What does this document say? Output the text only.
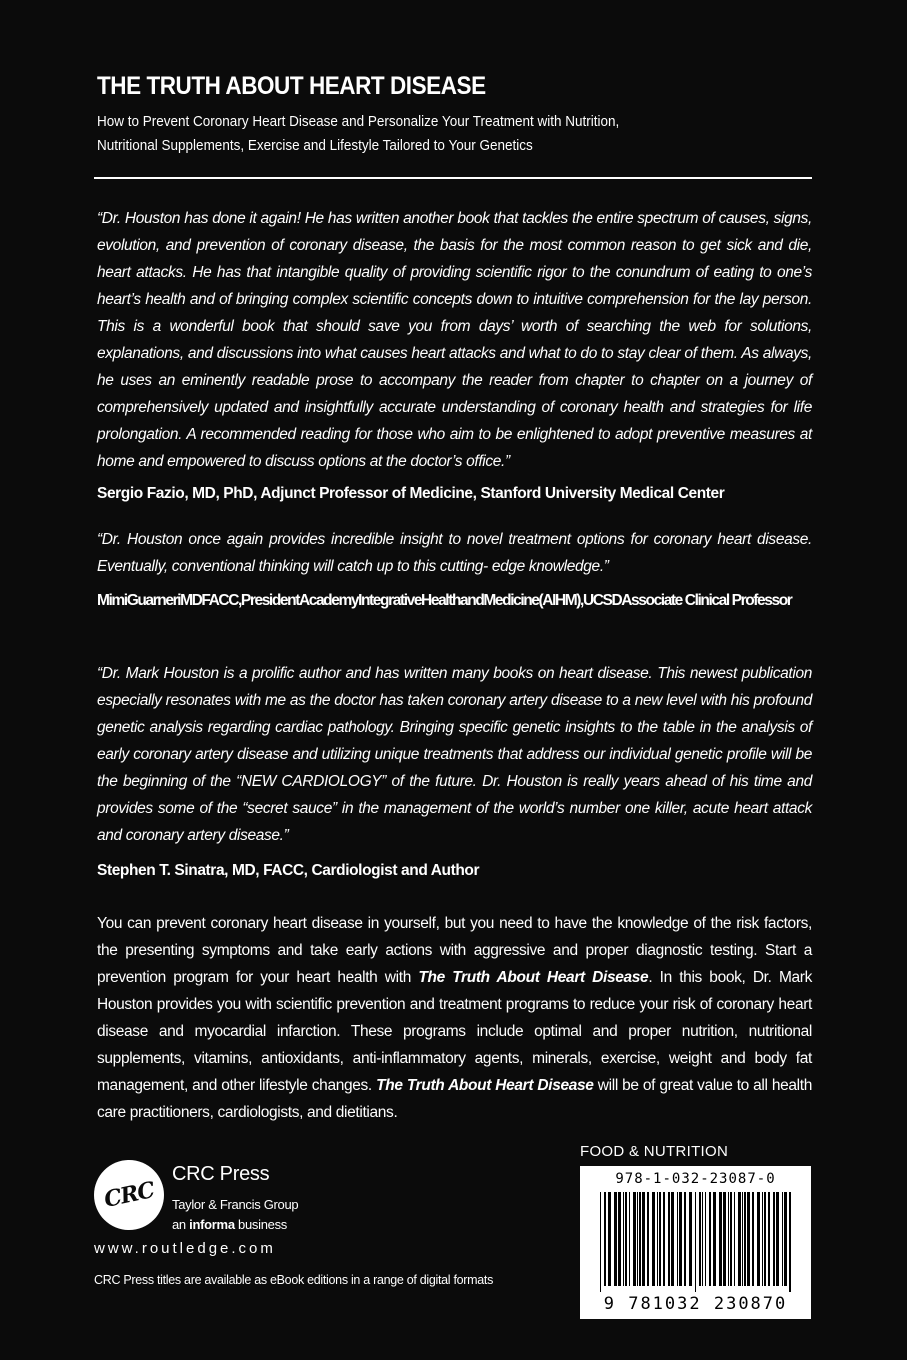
THE TRUTH ABOUT HEART DISEASE
How to Prevent Coronary Heart Disease and Personalize Your Treatment with Nutrition,
Nutritional Supplements, Exercise and Lifestyle Tailored to Your Genetics
“Dr. Houston has done it again! He has written another book that tackles the entire spectrum of causes, signs, evolution, and prevention of coronary disease, the basis for the most common reason to get sick and die, heart attacks. He has that intangible quality of providing scientific rigor to the conundrum of eating to one’s heart’s health and of bringing complex scientific concepts down to intuitive comprehension for the lay person. This is a wonderful book that should save you from days’ worth of searching the web for solutions, explanations, and discussions into what causes heart attacks and what to do to stay clear of them. As always, he uses an eminently readable prose to accompany the reader from chapter to chapter on a journey of comprehensively updated and insightfully accurate understanding of coronary health and strategies for life prolongation. A recommended reading for those who aim to be enlightened to adopt preventive measures at home and empowered to discuss options at the doctor’s office.”
Sergio Fazio, MD, PhD, Adjunct Professor of Medicine, Stanford University Medical Center
“Dr. Houston once again provides incredible insight to novel treatment options for coronary heart disease. Eventually, conventional thinking will catch up to this cutting- edge knowledge.”
MimiGuarneriMDFACC,PresidentAcademyIntegrativeHealthandMedicine(AIHM),UCSDAssociate Clinical Professor
“Dr. Mark Houston is a prolific author and has written many books on heart disease. This newest publication especially resonates with me as the doctor has taken coronary artery disease to a new level with his profound genetic analysis regarding cardiac pathology. Bringing specific genetic insights to the table in the analysis of early coronary artery disease and utilizing unique treatments that address our individual genetic profile will be the beginning of the “NEW CARDIOLOGY” of the future. Dr. Houston is really years ahead of his time and provides some of the “secret sauce” in the management of the world’s number one killer, acute heart attack and coronary artery disease.”
Stephen T. Sinatra, MD, FACC, Cardiologist and Author
You can prevent coronary heart disease in yourself, but you need to have the knowledge of the risk factors, the presenting symptoms and take early actions with aggressive and proper diagnostic testing. Start a prevention program for your heart health with The Truth About Heart Disease. In this book, Dr. Mark Houston provides you with scientific prevention and treatment programs to reduce your risk of coronary heart disease and myocardial infarction. These programs include optimal and proper nutrition, nutritional supplements, vitamins, antioxidants, anti-inflammatory agents, minerals, exercise, weight and body fat management, and other lifestyle changes. The Truth About Heart Disease will be of great value to all health care practitioners, cardiologists, and dietitians.
CRC
CRC Press
Taylor & Francis Group
an informa business
www.routledge.com
CRC Press titles are available as eBook editions in a range of digital formats
FOOD & NUTRITION
978-1-032-23087-0
9 781032 230870
